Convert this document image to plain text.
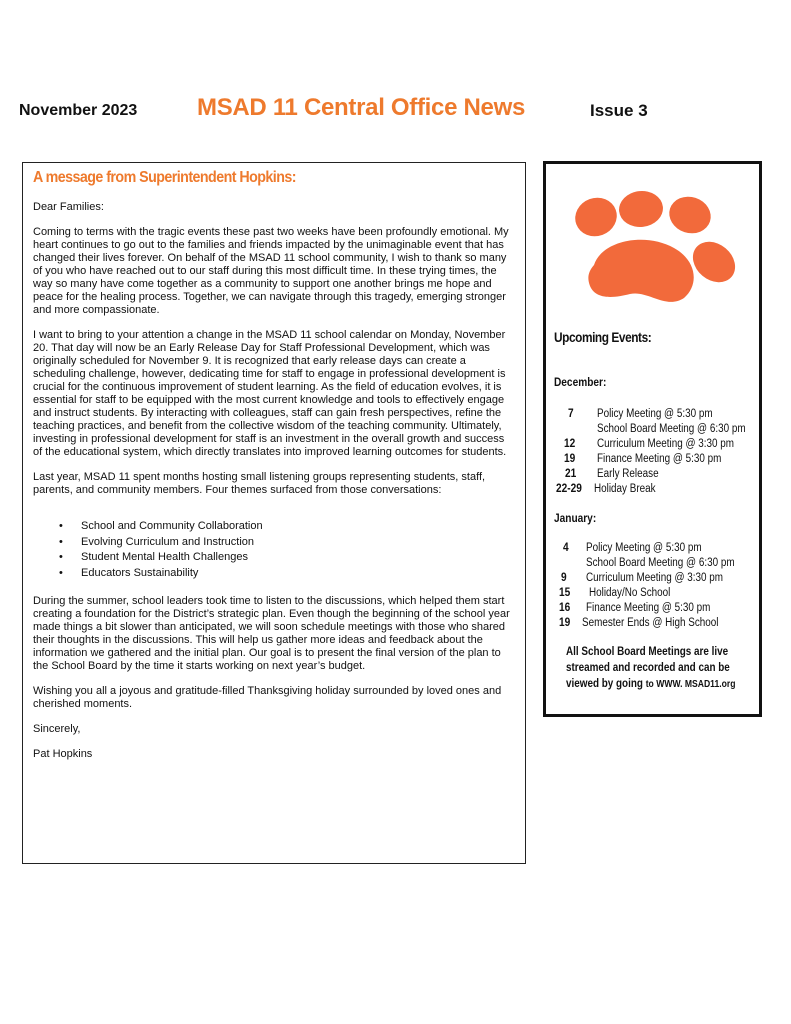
November 2023 MSAD 11 Central Office News	Issue 3
A message from Superintendent Hopkins:

Dear Families:

Coming to terms with the tragic events these past two weeks have been profoundly emotional. My heart continues to go out to the families and friends impacted by the unimaginable event that has changed their lives forever. On behalf of the MSAD 11 school community, I wish to thank so many of you who have reached out to our staff during this most difficult time. In these trying times, the way so many have come together as a community to support one another brings me hope and peace for the healing process. Together, we can navigate through this tragedy, emerging stronger and more compassionate.

I want to bring to your attention a change in the MSAD 11 school calendar on Monday, November 20. That day will now be an Early Release Day for Staff Professional Development, which was originally scheduled for November 9. It is recognized that early release days can create a scheduling challenge, however, dedicating time for staff to engage in professional development is crucial for the continuous improvement of student learning. As the field of education evolves, it is essential for staff to be equipped with the most current knowledge and tools to effectively engage and instruct students. By interacting with colleagues, staff can gain fresh perspectives, refine the teaching practices, and benefit from the collective wisdom of the teaching community. Ultimately, investing in professional development for staff is an investment in the overall growth and success of the educational system, which directly translates into improved learning outcomes for students.

Last year, MSAD 11 spent months hosting small listening groups representing students, staff, parents, and community members. Four themes surfaced from those conversations:

• School and Community Collaboration
• Evolving Curriculum and Instruction
• Student Mental Health Challenges
• Educators Sustainability

During the summer, school leaders took time to listen to the discussions, which helped them start creating a foundation for the District’s strategic plan. Even though the beginning of the school year made things a bit slower than anticipated, we will soon schedule meetings with those who shared their thoughts in the discussions. This will help us gather more ideas and feedback about the information we gathered and the initial plan. Our goal is to present the final version of the plan to the School Board by the time it starts working on next year’s budget.

Wishing you all a joyous and gratitude-filled Thanksgiving holiday surrounded by loved ones and cherished moments.

Sincerely,

Pat Hopkins

Upcoming Events:
December:
7 Policy Meeting @ 5:30 pm
School Board Meeting @ 6:30 pm
12 Curriculum Meeting @ 3:30 pm
19 Finance Meeting @ 5:30 pm
21 Early Release
22-29 Holiday Break
January:
4 Policy Meeting @ 5:30 pm
School Board Meeting @ 6:30 pm
9 Curriculum Meeting @ 3:30 pm
15 Holiday/No School
16 Finance Meeting @ 5:30 pm
19 Semester Ends @ High School
All School Board Meetings are live streamed and recorded and can be viewed by going to WWW. MSAD11.org
